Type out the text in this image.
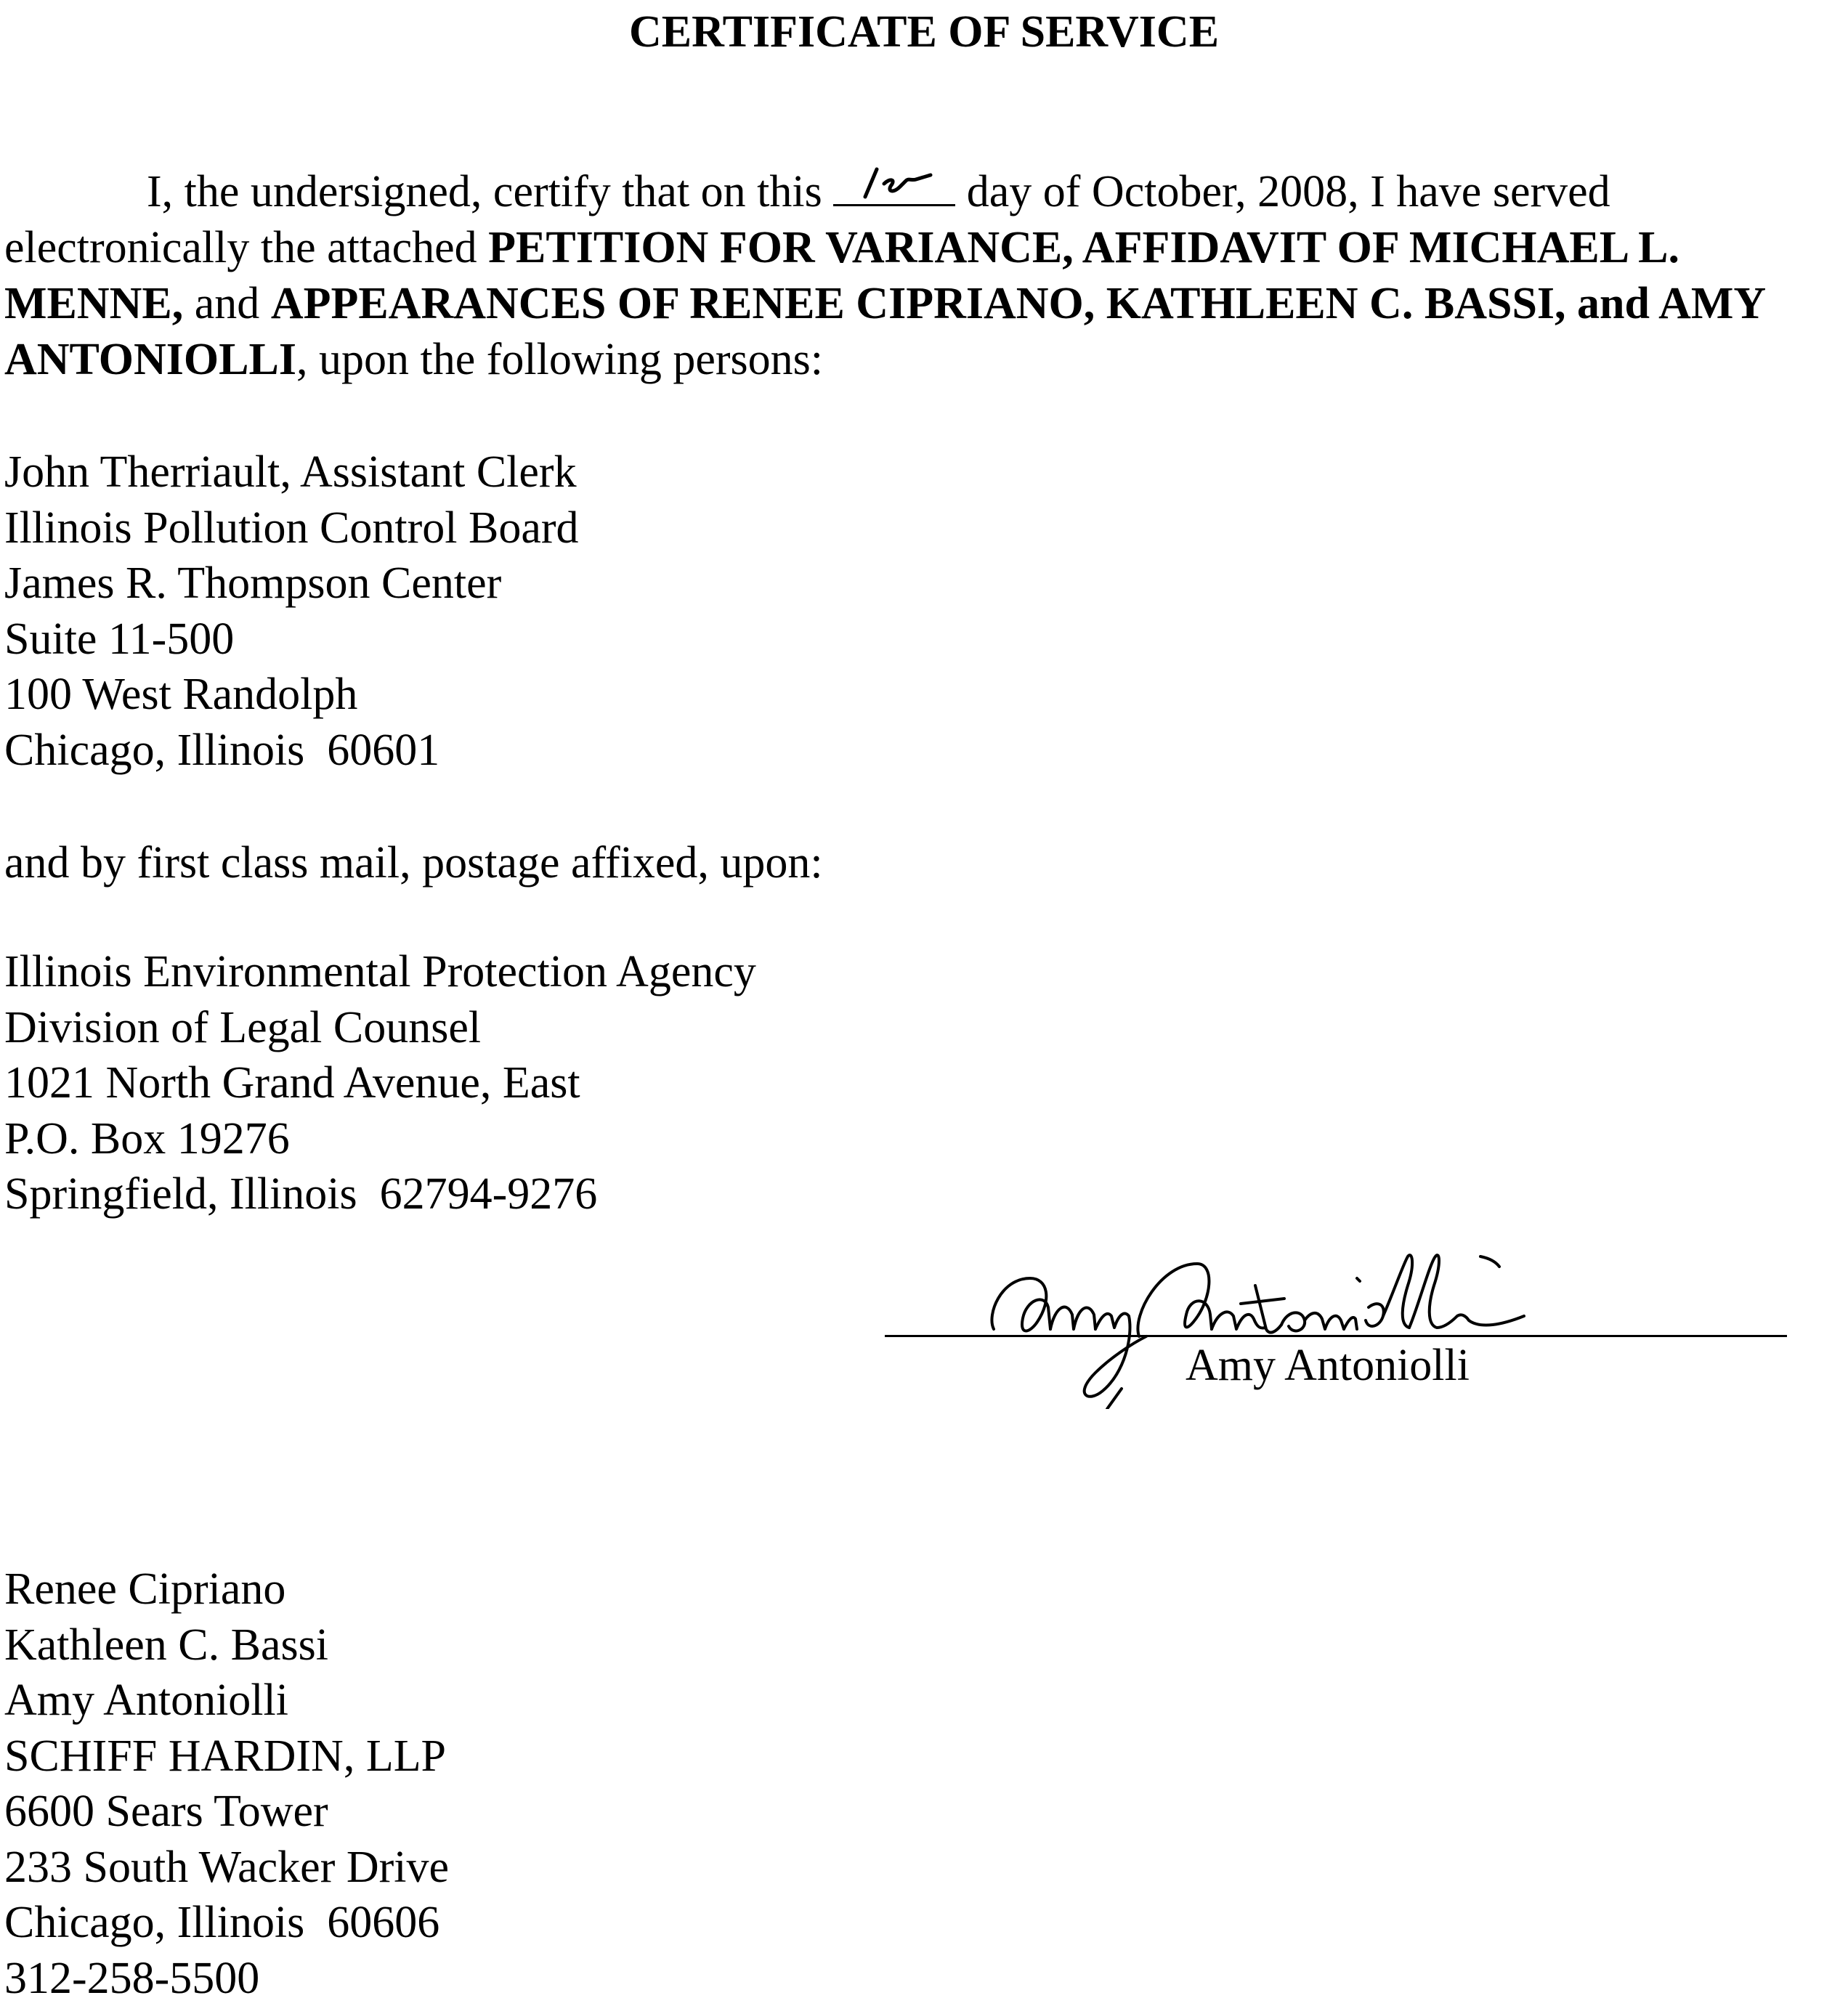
CERTIFICATE OF SERVICE

I, the undersigned, certify that on this	day of October, 2008, I have served electronically the attached PETITION FOR VARIANCE, AFFIDAVIT OF MICHAEL L. MENNE, and APPEARANCES OF RENEE CIPRIANO, KATHLEEN C. BASSI, and AMY ANTONIOLLI, upon the following persons:

John Therriault, Assistant Clerk
Illinois Pollution Control Board
James R. Thompson Center
Suite 11-500
100 West Randolph
Chicago, Illinois  60601
and by first class mail, postage affixed, upon:
Illinois Environmental Protection Agency
Division of Legal Counsel
1021 North Grand Avenue, East
P.O. Box 19276
Springfield, Illinois  62794-9276
Amy Antoniolli
Renee Cipriano
Kathleen C. Bassi
Amy Antoniolli
SCHIFF HARDIN, LLP
6600 Sears Tower
233 South Wacker Drive
Chicago, Illinois  60606
312-258-5500
